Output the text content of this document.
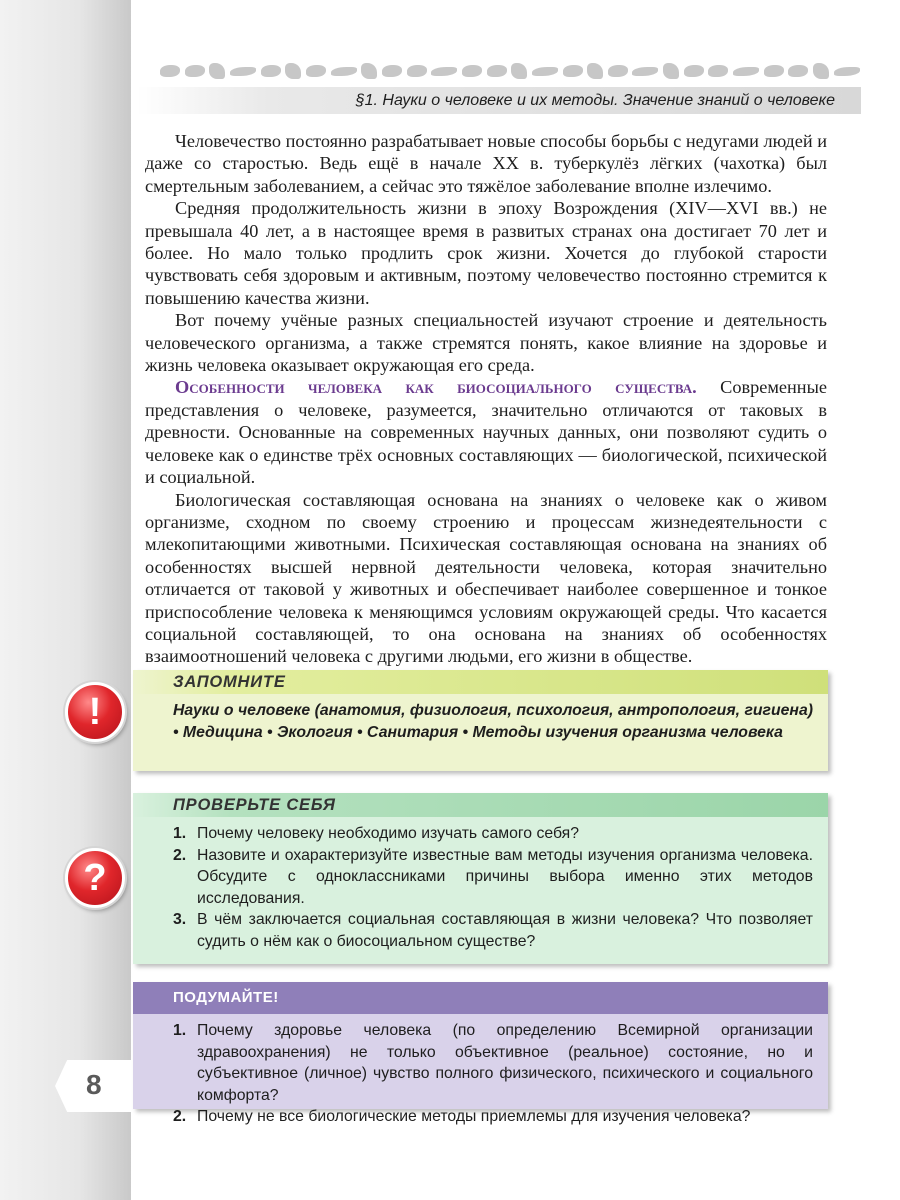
§1. Науки о человеке и их методы. Значение знаний о человеке

Человечество постоянно разрабатывает новые способы борьбы с недугами людей и даже со старостью. Ведь ещё в начале XX в. туберкулёз лёгких (чахотка) был смертельным заболеванием, а сейчас это тяжёлое заболевание вполне излечимо.

Средняя продолжительность жизни в эпоху Возрождения (XIV—XVI вв.) не превышала 40 лет, а в настоящее время в развитых странах она достигает 70 лет и более. Но мало только продлить срок жизни. Хочется до глубокой старости чувствовать себя здоровым и активным, поэтому человечество постоянно стремится к повышению качества жизни.

Вот почему учёные разных специальностей изучают строение и деятельность человеческого организма, а также стремятся понять, какое влияние на здоровье и жизнь человека оказывает окружающая его среда.

Особенности человека как биосоциального существа. Современные представления о человеке, разумеется, значительно отличаются от таковых в древности. Основанные на современных научных данных, они позволяют судить о человеке как о единстве трёх основных составляющих — биологической, психической и социальной.

Биологическая составляющая основана на знаниях о человеке как о живом организме, сходном по своему строению и процессам жизнедеятельности с млекопитающими животными. Психическая составляющая основана на знаниях об особенностях высшей нервной деятельности человека, которая значительно отличается от таковой у животных и обеспечивает наиболее совершенное и тонкое приспособление человека к меняющимся условиям окружающей среды. Что касается социальной составляющей, то она основана на знаниях об особенностях взаимоотношений человека с другими людьми, его жизни в обществе.

!
ЗАПОМНИТЕ
Науки о человеке (анатомия, физиология, психология, антропология, гигиена) • Медицина • Экология • Санитария • Методы изучения организма человека
?
ПРОВЕРЬТЕ СЕБЯ
1. Почему человеку необходимо изучать самого себя?
2. Назовите и охарактеризуйте известные вам методы изучения организма человека. Обсудите с одноклассниками причины выбора именно этих методов исследования.
3. В чём заключается социальная составляющая в жизни человека? Что позволяет судить о нём как о биосоциальном существе?
8
ПОДУМАЙТЕ!
1. Почему здоровье человека (по определению Всемирной организации здравоохранения) не только объективное (реальное) состояние, но и субъективное (личное) чувство полного физического, психического и социального комфорта?
2. Почему не все биологические методы приемлемы для изучения человека?
